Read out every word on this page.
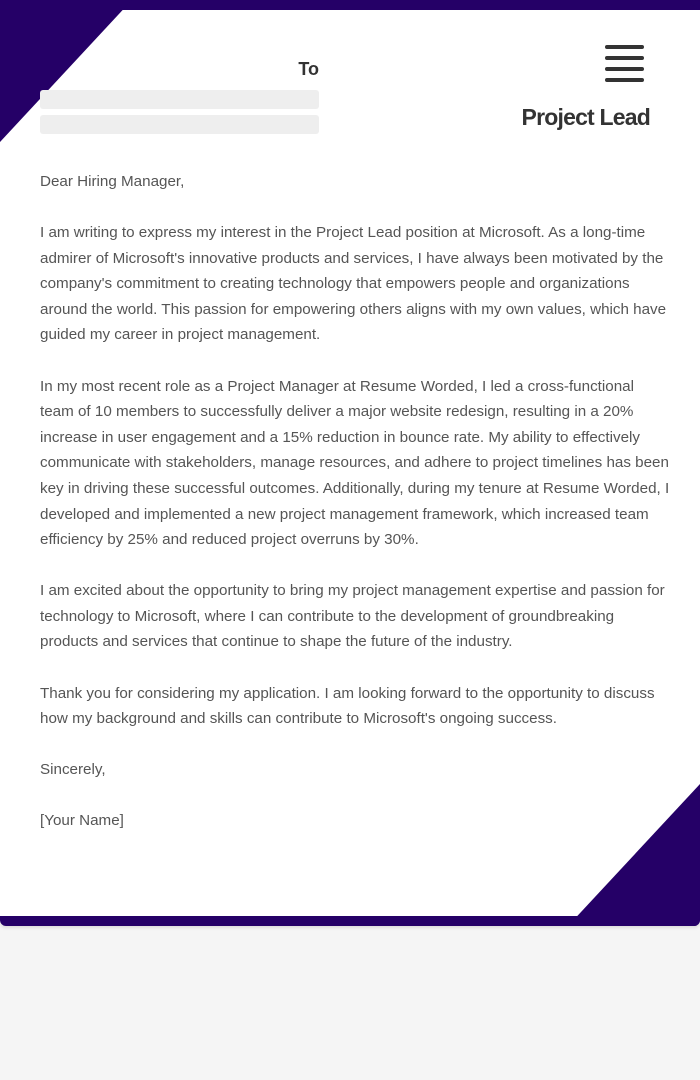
To
Project Lead

Dear Hiring Manager,

I am writing to express my interest in the Project Lead position at Microsoft. As a long-time admirer of Microsoft's innovative products and services, I have always been motivated by the company's commitment to creating technology that empowers people and organizations around the world. This passion for empowering others aligns with my own values, which have guided my career in project management.

In my most recent role as a Project Manager at Resume Worded, I led a cross-functional team of 10 members to successfully deliver a major website redesign, resulting in a 20% increase in user engagement and a 15% reduction in bounce rate. My ability to effectively communicate with stakeholders, manage resources, and adhere to project timelines has been key in driving these successful outcomes. Additionally, during my tenure at Resume Worded, I developed and implemented a new project management framework, which increased team efficiency by 25% and reduced project overruns by 30%.

I am excited about the opportunity to bring my project management expertise and passion for technology to Microsoft, where I can contribute to the development of groundbreaking products and services that continue to shape the future of the industry.

Thank you for considering my application. I am looking forward to the opportunity to discuss how my background and skills can contribute to Microsoft's ongoing success.

Sincerely,

[Your Name]
